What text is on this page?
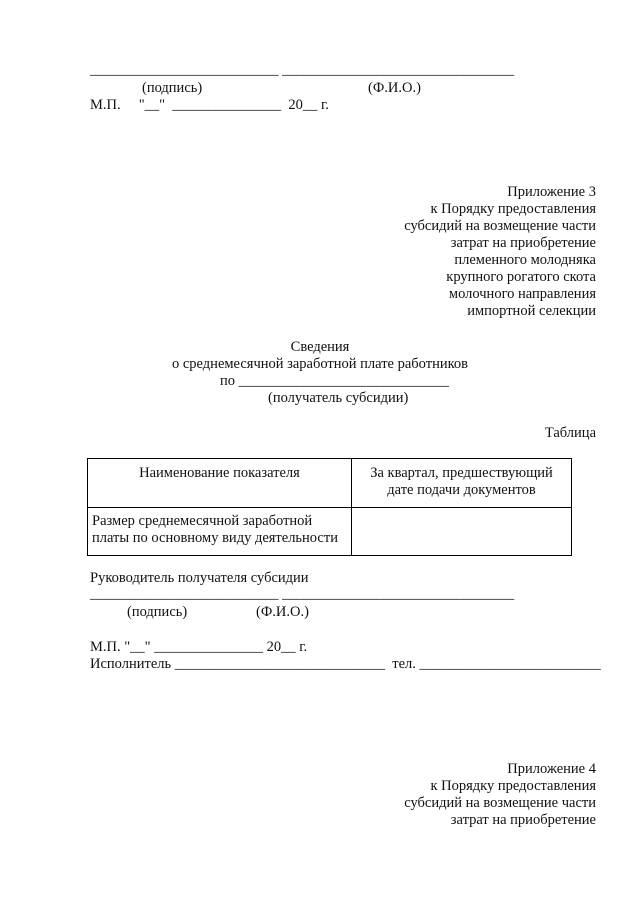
__________________________ ________________________________
(подпись)	(Ф.И.О.)
М.П.     "__"  _______________  20__ г.
Приложение 3
к Порядку предоставления
субсидий на возмещение части
затрат на приобретение
племенного молодняка
крупного рогатого скота
молочного направления
импортной селекции
Сведения
о среднемесячной заработной плате работников
по _____________________________
(получатель субсидии)
Таблица
Наименование показателя	За квартал, предшествующий дате подачи документов
Размер среднемесячной заработной платы по основному виду деятельности	
Руководитель получателя субсидии
__________________________ ________________________________
(подпись)	(Ф.И.О.)
М.П. "__" _______________ 20__ г.
Исполнитель _____________________________  тел. _________________________
Приложение 4
к Порядку предоставления
субсидий на возмещение части
затрат на приобретение
